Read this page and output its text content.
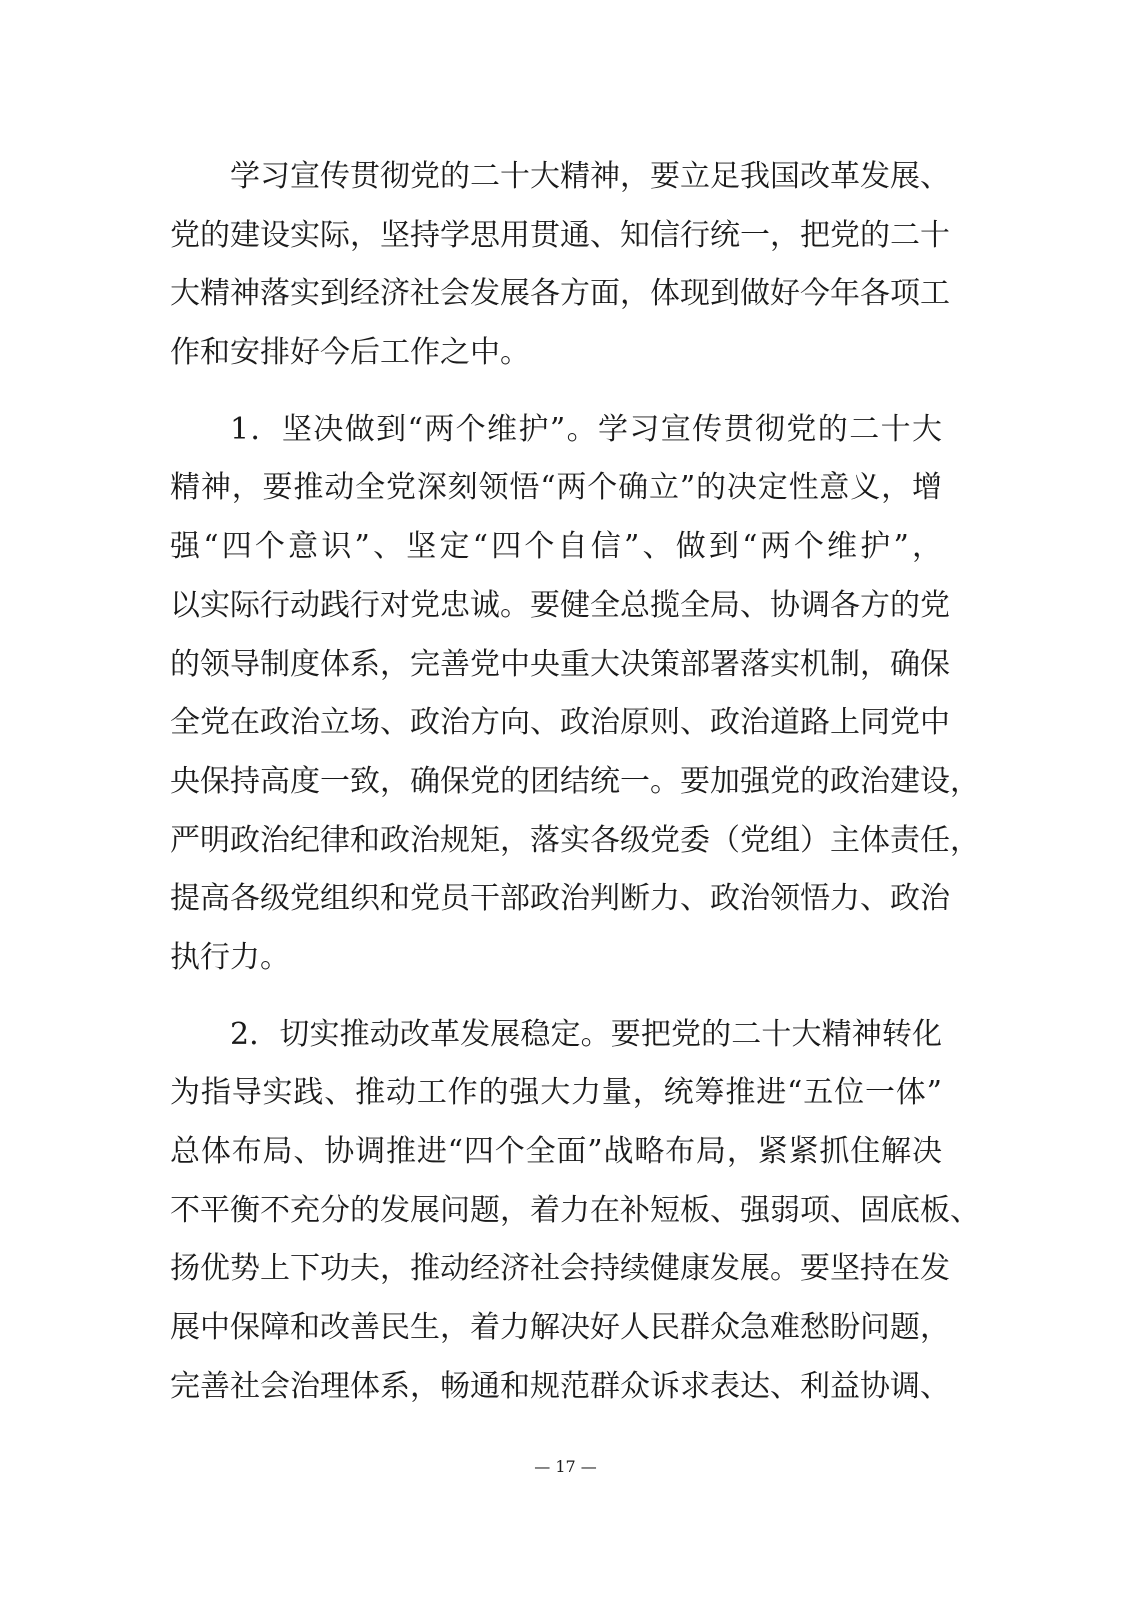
学习宣传贯彻党的二十大精神，要立足我国改革发展、
党的建设实际，坚持学思用贯通、知信行统一，把党的二十
大精神落实到经济社会发展各方面，体现到做好今年各项工
作和安排好今后工作之中。
1．坚决做到“两个维护”。学习宣传贯彻党的二十大
精神，要推动全党深刻领悟“两个确立”的决定性意义，增
强“四个意识”、坚定“四个自信”、做到“两个维护”，
以实际行动践行对党忠诚。要健全总揽全局、协调各方的党
的领导制度体系，完善党中央重大决策部署落实机制，确保
全党在政治立场、政治方向、政治原则、政治道路上同党中
央保持高度一致，确保党的团结统一。要加强党的政治建设，
严明政治纪律和政治规矩，落实各级党委（党组）主体责任，
提高各级党组织和党员干部政治判断力、政治领悟力、政治
执行力。
2．切实推动改革发展稳定。要把党的二十大精神转化
为指导实践、推动工作的强大力量，统筹推进“五位一体”
总体布局、协调推进“四个全面”战略布局，紧紧抓住解决
不平衡不充分的发展问题，着力在补短板、强弱项、固底板、
扬优势上下功夫，推动经济社会持续健康发展。要坚持在发
展中保障和改善民生，着力解决好人民群众急难愁盼问题，
完善社会治理体系，畅通和规范群众诉求表达、利益协调、
— 17 —
